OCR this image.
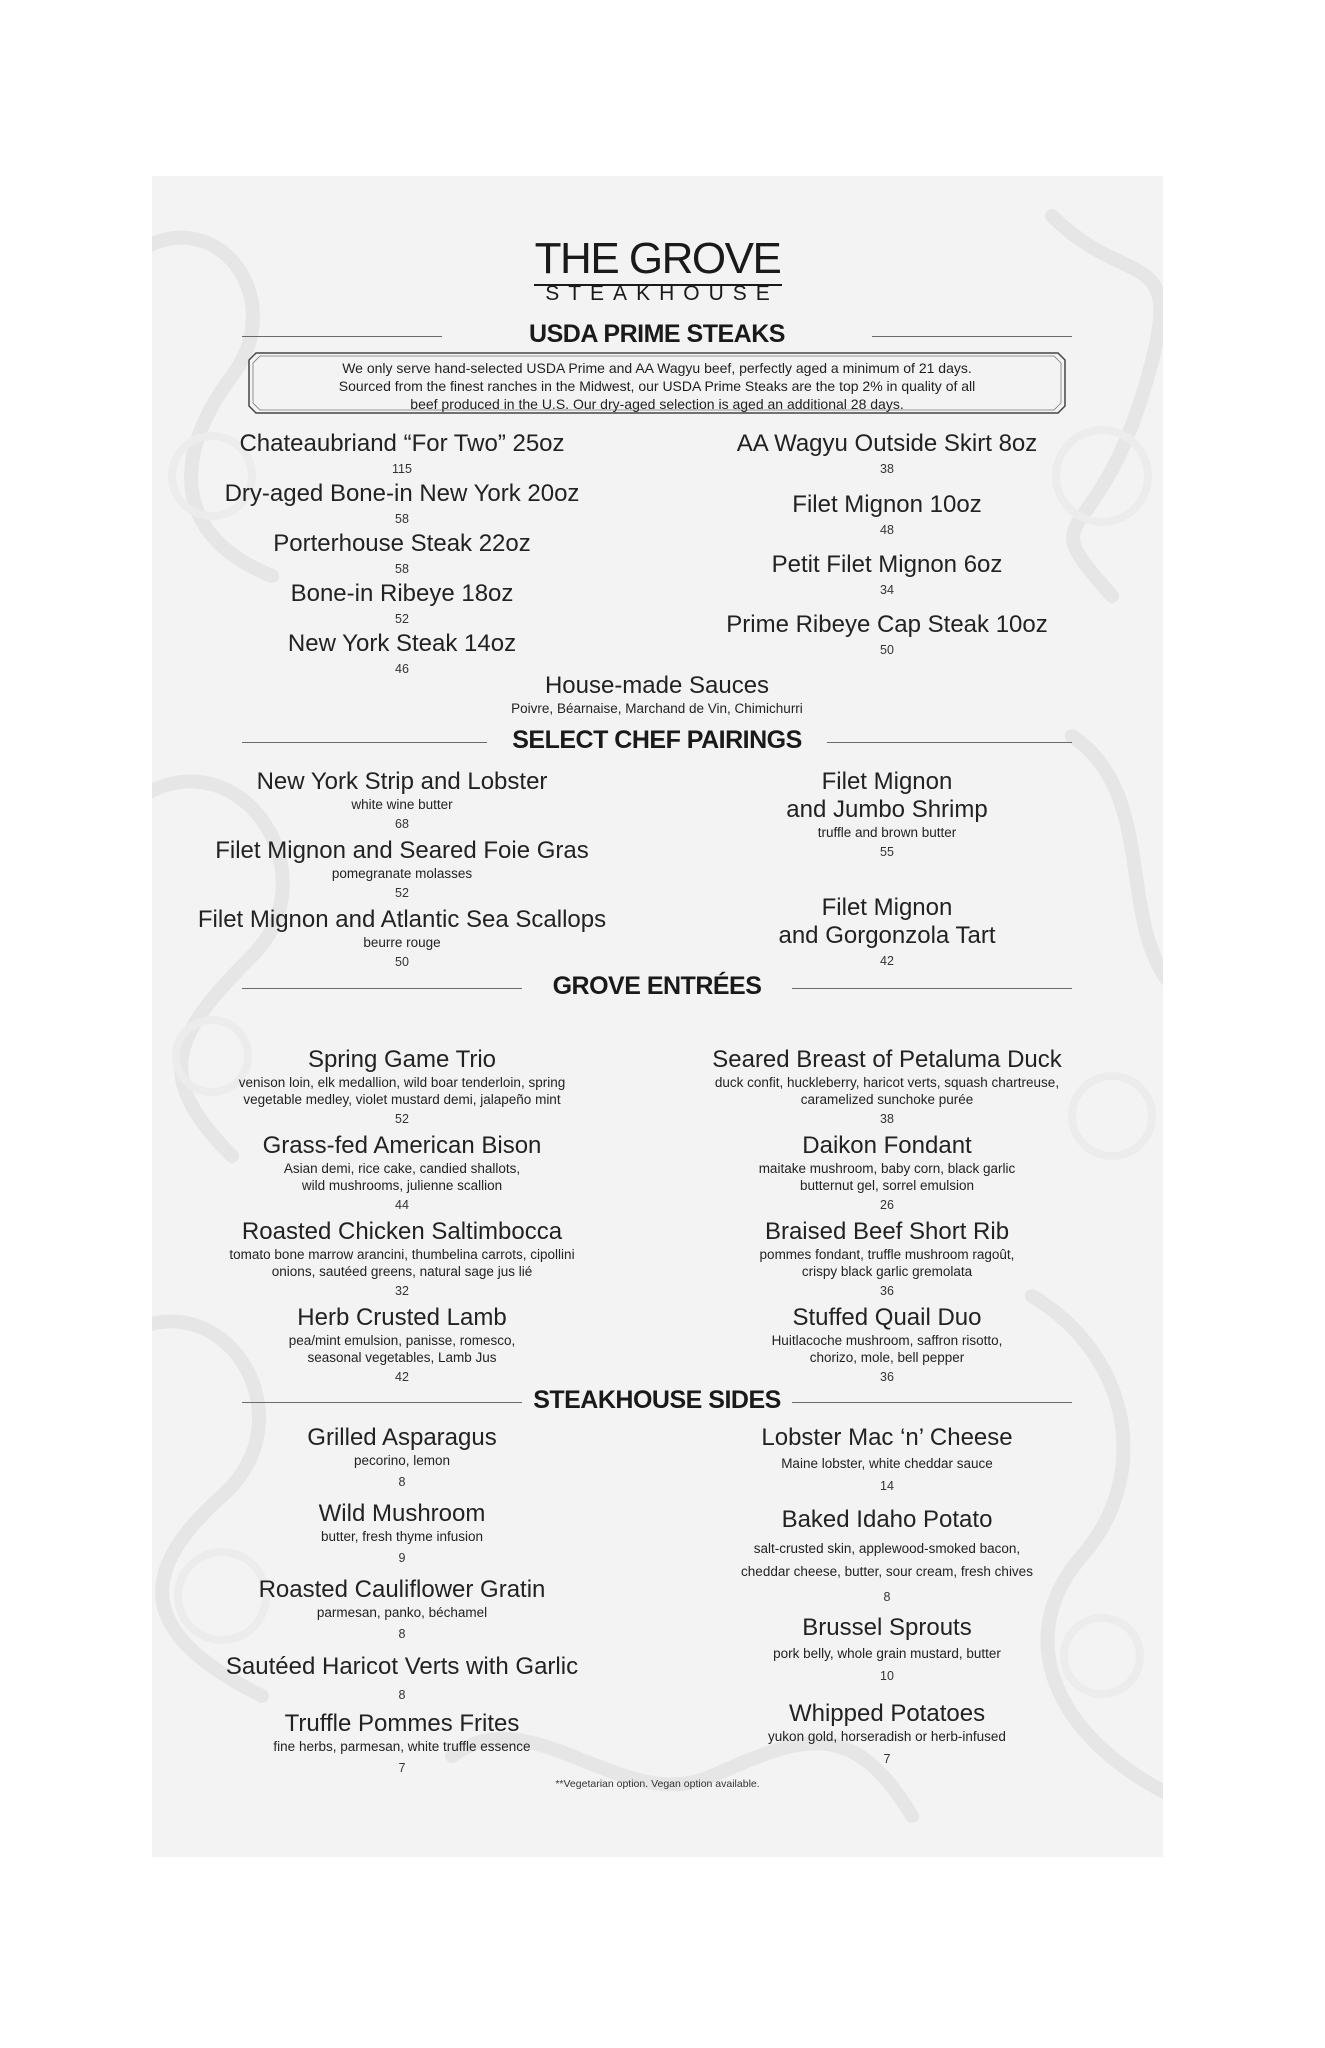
THE GROVE
STEAKHOUSE
USDA PRIME STEAKS
We only serve hand-selected USDA Prime and AA Wagyu beef, perfectly aged a minimum of 21 days.
Sourced from the finest ranches in the Midwest, our USDA Prime Steaks are the top 2% in quality of all
beef produced in the U.S. Our dry-aged selection is aged an additional 28 days.
Chateaubriand “For Two” 25oz
115
Dry-aged Bone-in New York 20oz
58
Porterhouse Steak 22oz
58
Bone-in Ribeye 18oz
52
New York Steak 14oz
46
AA Wagyu Outside Skirt 8oz
38
Filet Mignon 10oz
48
Petit Filet Mignon 6oz
34
Prime Ribeye Cap Steak 10oz
50
House-made Sauces
Poivre, Béarnaise, Marchand de Vin, Chimichurri
SELECT CHEF PAIRINGS
New York Strip and Lobster
white wine butter
68
Filet Mignon and Seared Foie Gras
pomegranate molasses
52
Filet Mignon and Atlantic Sea Scallops
beurre rouge
50
Filet Mignon
and Jumbo Shrimp
truffle and brown butter
55
Filet Mignon
and Gorgonzola Tart
42
GROVE ENTRÉES
Spring Game Trio
venison loin, elk medallion, wild boar tenderloin, spring
vegetable medley, violet mustard demi, jalapeño mint
52
Grass-fed American Bison
Asian demi, rice cake, candied shallots,
wild mushrooms, julienne scallion
44
Roasted Chicken Saltimbocca
tomato bone marrow arancini, thumbelina carrots, cipollini
onions, sautéed greens, natural sage jus lié
32
Herb Crusted Lamb
pea/mint emulsion, panisse, romesco,
seasonal vegetables, Lamb Jus
42
Seared Breast of Petaluma Duck
duck confit, huckleberry, haricot verts, squash chartreuse,
caramelized sunchoke purée
38
Daikon Fondant
maitake mushroom, baby corn, black garlic
butternut gel, sorrel emulsion
26
Braised Beef Short Rib
pommes fondant, truffle mushroom ragoût,
crispy black garlic gremolata
36
Stuffed Quail Duo
Huitlacoche mushroom, saffron risotto,
chorizo, mole, bell pepper
36
STEAKHOUSE SIDES
Grilled Asparagus
pecorino, lemon
8
Wild Mushroom
butter, fresh thyme infusion
9
Roasted Cauliflower Gratin
parmesan, panko, béchamel
8
Sautéed Haricot Verts with Garlic
8
Truffle Pommes Frites
fine herbs, parmesan, white truffle essence
7
Lobster Mac ‘n’ Cheese
Maine lobster, white cheddar sauce
14
Baked Idaho Potato
salt-crusted skin, applewood-smoked bacon,
cheddar cheese, butter, sour cream, fresh chives
8
Brussel Sprouts
pork belly, whole grain mustard, butter
10
Whipped Potatoes
yukon gold, horseradish or herb-infused
7
**Vegetarian option. Vegan option available.
